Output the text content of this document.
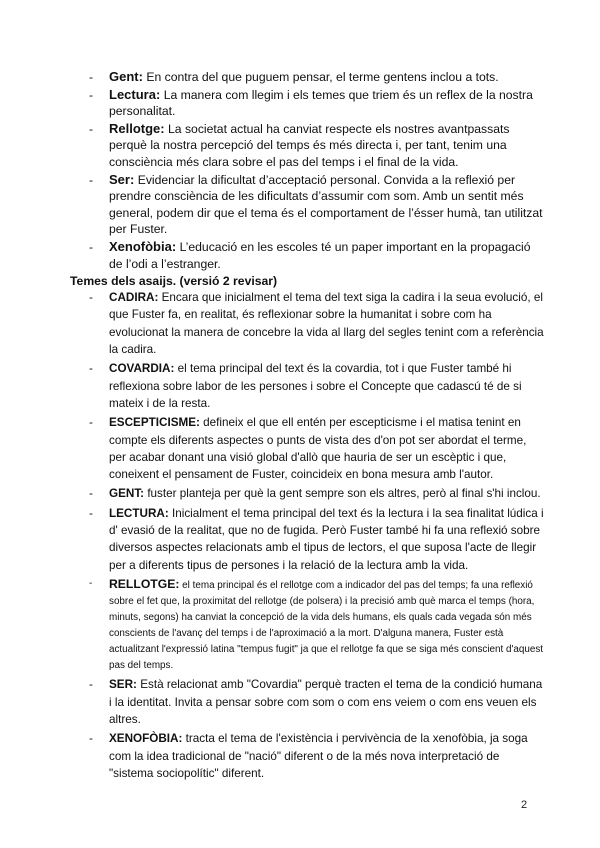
- Gent: En contra del que puguem pensar, el terme gentens inclou a tots.
- Lectura: La manera com llegim i els temes que triem és un reflex de la nostra personalitat.
- Rellotge: La societat actual ha canviat respecte els nostres avantpassats perquè la nostra percepció del temps és més directa i, per tant, tenim una consciència més clara sobre el pas del temps i el final de la vida.
- Ser: Evidenciar la dificultat d’acceptació personal. Convida a la reflexió per prendre consciència de les dificultats d’assumir com som. Amb un sentit més general, podem dir que el tema és el comportament de l’ésser humà, tan utilitzat per Fuster.
- Xenofòbia: L’educació en les escoles té un paper important en la propagació de l’odi a l’estranger.

Temes dels asaijs. (versió 2 revisar)

- CADIRA: Encara que inicialment el tema del text siga la cadira i la seua evolució, el que Fuster fa, en realitat, és reflexionar sobre la humanitat i sobre com ha evolucionat la manera de concebre la vida al llarg del segles tenint com a referència la cadira.
- COVARDIA: el tema principal del text és la covardia, tot i que Fuster també hi reflexiona sobre labor de les persones i sobre el Concepte que cadascú té de si mateix i de la resta.
- ESCEPTICISME: defineix el que ell entén per escepticisme i el matisa tenint en compte els diferents aspectes o punts de vista des d'on pot ser abordat el terme, per acabar donant una visió global d'allò que hauria de ser un escèptic i que, coneixent el pensament de Fuster, coincideix en bona mesura amb l'autor.
- GENT: fuster planteja per què la gent sempre son els altres, però al final s'hi inclou.
- LECTURA: Inicialment el tema principal del text és la lectura i la sea finalitat lúdica i d' evasió de la realitat, que no de fugida. Però Fuster també hi fa una reflexió sobre diversos aspectes relacionats amb el tipus de lectors, el que suposa l'acte de llegir per a diferents tipus de persones i la relació de la lectura amb la vida.
- RELLOTGE: el tema principal és el rellotge com a indicador del pas del temps; fa una reflexió sobre el fet que, la proximitat del rellotge (de polsera) i la precisió amb què marca el temps (hora, minuts, segons) ha canviat la concepció de la vida dels humans, els quals cada vegada són més conscients de l'avanç del temps i de l'aproximació a la mort. D'alguna manera, Fuster està actualitzant l'expressió latina "tempus fugit" ja que el rellotge fa que se siga més conscient d'aquest pas del temps.
- SER: Està relacionat amb "Covardia" perquè tracten el tema de la condició humana i la identitat. Invita a pensar sobre com som o com ens veiem o com ens veuen els altres.
- XENOFÒBIA: tracta el tema de l'existència i pervivència de la xenofòbia, ja soga com la idea tradicional de "nació" diferent o de la més nova interpretació de "sistema sociopolític" diferent.
2
